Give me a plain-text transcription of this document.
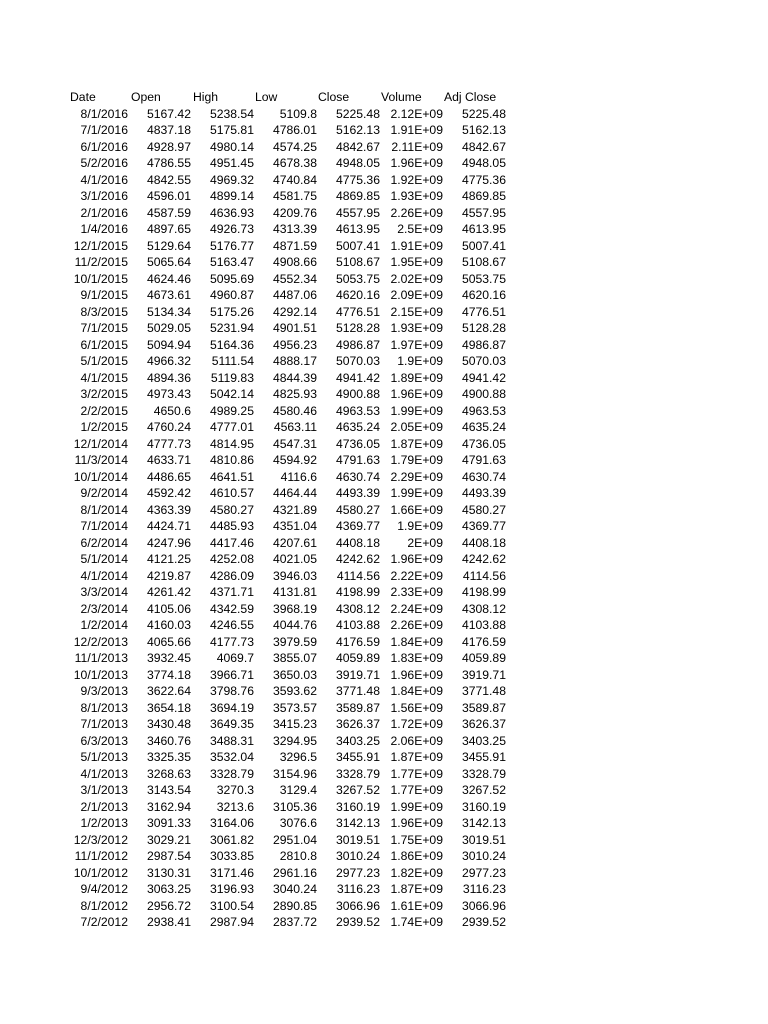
Date	Open	High	Low	Close	Volume	Adj Close
8/1/2016	5167.42	5238.54	5109.8	5225.48	2.12E+09	5225.48
7/1/2016	4837.18	5175.81	4786.01	5162.13	1.91E+09	5162.13
6/1/2016	4928.97	4980.14	4574.25	4842.67	2.11E+09	4842.67
5/2/2016	4786.55	4951.45	4678.38	4948.05	1.96E+09	4948.05
4/1/2016	4842.55	4969.32	4740.84	4775.36	1.92E+09	4775.36
3/1/2016	4596.01	4899.14	4581.75	4869.85	1.93E+09	4869.85
2/1/2016	4587.59	4636.93	4209.76	4557.95	2.26E+09	4557.95
1/4/2016	4897.65	4926.73	4313.39	4613.95	2.5E+09	4613.95
12/1/2015	5129.64	5176.77	4871.59	5007.41	1.91E+09	5007.41
11/2/2015	5065.64	5163.47	4908.66	5108.67	1.95E+09	5108.67
10/1/2015	4624.46	5095.69	4552.34	5053.75	2.02E+09	5053.75
9/1/2015	4673.61	4960.87	4487.06	4620.16	2.09E+09	4620.16
8/3/2015	5134.34	5175.26	4292.14	4776.51	2.15E+09	4776.51
7/1/2015	5029.05	5231.94	4901.51	5128.28	1.93E+09	5128.28
6/1/2015	5094.94	5164.36	4956.23	4986.87	1.97E+09	4986.87
5/1/2015	4966.32	5111.54	4888.17	5070.03	1.9E+09	5070.03
4/1/2015	4894.36	5119.83	4844.39	4941.42	1.89E+09	4941.42
3/2/2015	4973.43	5042.14	4825.93	4900.88	1.96E+09	4900.88
2/2/2015	4650.6	4989.25	4580.46	4963.53	1.99E+09	4963.53
1/2/2015	4760.24	4777.01	4563.11	4635.24	2.05E+09	4635.24
12/1/2014	4777.73	4814.95	4547.31	4736.05	1.87E+09	4736.05
11/3/2014	4633.71	4810.86	4594.92	4791.63	1.79E+09	4791.63
10/1/2014	4486.65	4641.51	4116.6	4630.74	2.29E+09	4630.74
9/2/2014	4592.42	4610.57	4464.44	4493.39	1.99E+09	4493.39
8/1/2014	4363.39	4580.27	4321.89	4580.27	1.66E+09	4580.27
7/1/2014	4424.71	4485.93	4351.04	4369.77	1.9E+09	4369.77
6/2/2014	4247.96	4417.46	4207.61	4408.18	2E+09	4408.18
5/1/2014	4121.25	4252.08	4021.05	4242.62	1.96E+09	4242.62
4/1/2014	4219.87	4286.09	3946.03	4114.56	2.22E+09	4114.56
3/3/2014	4261.42	4371.71	4131.81	4198.99	2.33E+09	4198.99
2/3/2014	4105.06	4342.59	3968.19	4308.12	2.24E+09	4308.12
1/2/2014	4160.03	4246.55	4044.76	4103.88	2.26E+09	4103.88
12/2/2013	4065.66	4177.73	3979.59	4176.59	1.84E+09	4176.59
11/1/2013	3932.45	4069.7	3855.07	4059.89	1.83E+09	4059.89
10/1/2013	3774.18	3966.71	3650.03	3919.71	1.96E+09	3919.71
9/3/2013	3622.64	3798.76	3593.62	3771.48	1.84E+09	3771.48
8/1/2013	3654.18	3694.19	3573.57	3589.87	1.56E+09	3589.87
7/1/2013	3430.48	3649.35	3415.23	3626.37	1.72E+09	3626.37
6/3/2013	3460.76	3488.31	3294.95	3403.25	2.06E+09	3403.25
5/1/2013	3325.35	3532.04	3296.5	3455.91	1.87E+09	3455.91
4/1/2013	3268.63	3328.79	3154.96	3328.79	1.77E+09	3328.79
3/1/2013	3143.54	3270.3	3129.4	3267.52	1.77E+09	3267.52
2/1/2013	3162.94	3213.6	3105.36	3160.19	1.99E+09	3160.19
1/2/2013	3091.33	3164.06	3076.6	3142.13	1.96E+09	3142.13
12/3/2012	3029.21	3061.82	2951.04	3019.51	1.75E+09	3019.51
11/1/2012	2987.54	3033.85	2810.8	3010.24	1.86E+09	3010.24
10/1/2012	3130.31	3171.46	2961.16	2977.23	1.82E+09	2977.23
9/4/2012	3063.25	3196.93	3040.24	3116.23	1.87E+09	3116.23
8/1/2012	2956.72	3100.54	2890.85	3066.96	1.61E+09	3066.96
7/2/2012	2938.41	2987.94	2837.72	2939.52	1.74E+09	2939.52
